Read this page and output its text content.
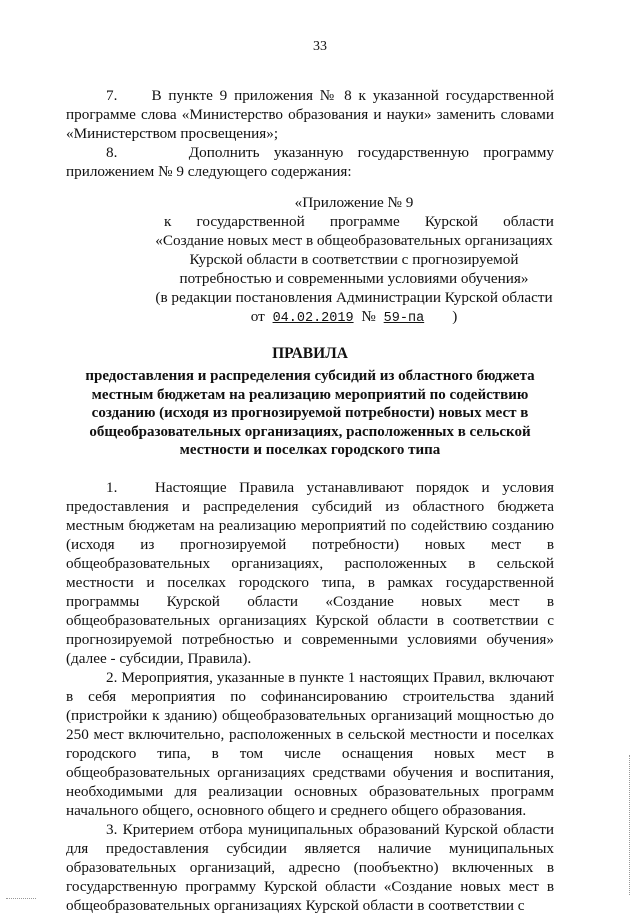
33

7.     В пункте 9 приложения № 8 к указанной государственной программе слова «Министерство образования и науки» заменить словами «Министерством просвещения»;

8.     Дополнить указанную государственную программу приложением № 9 следующего содержания:

«Приложение № 9
к государственной программе Курской области
«Создание новых мест в общеобразовательных организациях Курской области в соответствии с прогнозируемой потребностью и современными условиями обучения»
(в редакции постановления Администрации Курской области
от 04.02.2019 № 59-па )
ПРАВИЛА
предоставления и распределения субсидий из областного бюджета местным бюджетам на реализацию мероприятий по содействию созданию (исходя из прогнозируемой потребности) новых мест в общеобразовательных организациях, расположенных в сельской местности и поселках городского типа

1.   Настоящие Правила устанавливают порядок и условия предоставления и распределения субсидий из областного бюджета местным бюджетам на реализацию мероприятий по содействию созданию (исходя из прогнозируемой потребности) новых мест в общеобразовательных организациях, расположенных в сельской местности и поселках городского типа, в рамках государственной программы Курской области «Создание новых мест в общеобразовательных организациях Курской области в соответствии с прогнозируемой потребностью и современными условиями обучения» (далее - субсидии, Правила).

2. Мероприятия, указанные в пункте 1 настоящих Правил, включают в себя мероприятия по софинансированию строительства зданий (пристройки к зданию) общеобразовательных организаций мощностью до 250 мест включительно, расположенных в сельской местности и поселках городского типа, в том числе оснащения новых мест в общеобразовательных организациях средствами обучения и воспитания, необходимыми для реализации основных образовательных программ начального общего, основного общего и среднего общего образования.

3. Критерием отбора муниципальных образований Курской области для предоставления субсидии является наличие муниципальных образовательных организаций, адресно (пообъектно) включенных в государственную программу Курской области «Создание новых мест в общеобразовательных организациях Курской области в соответствии с
